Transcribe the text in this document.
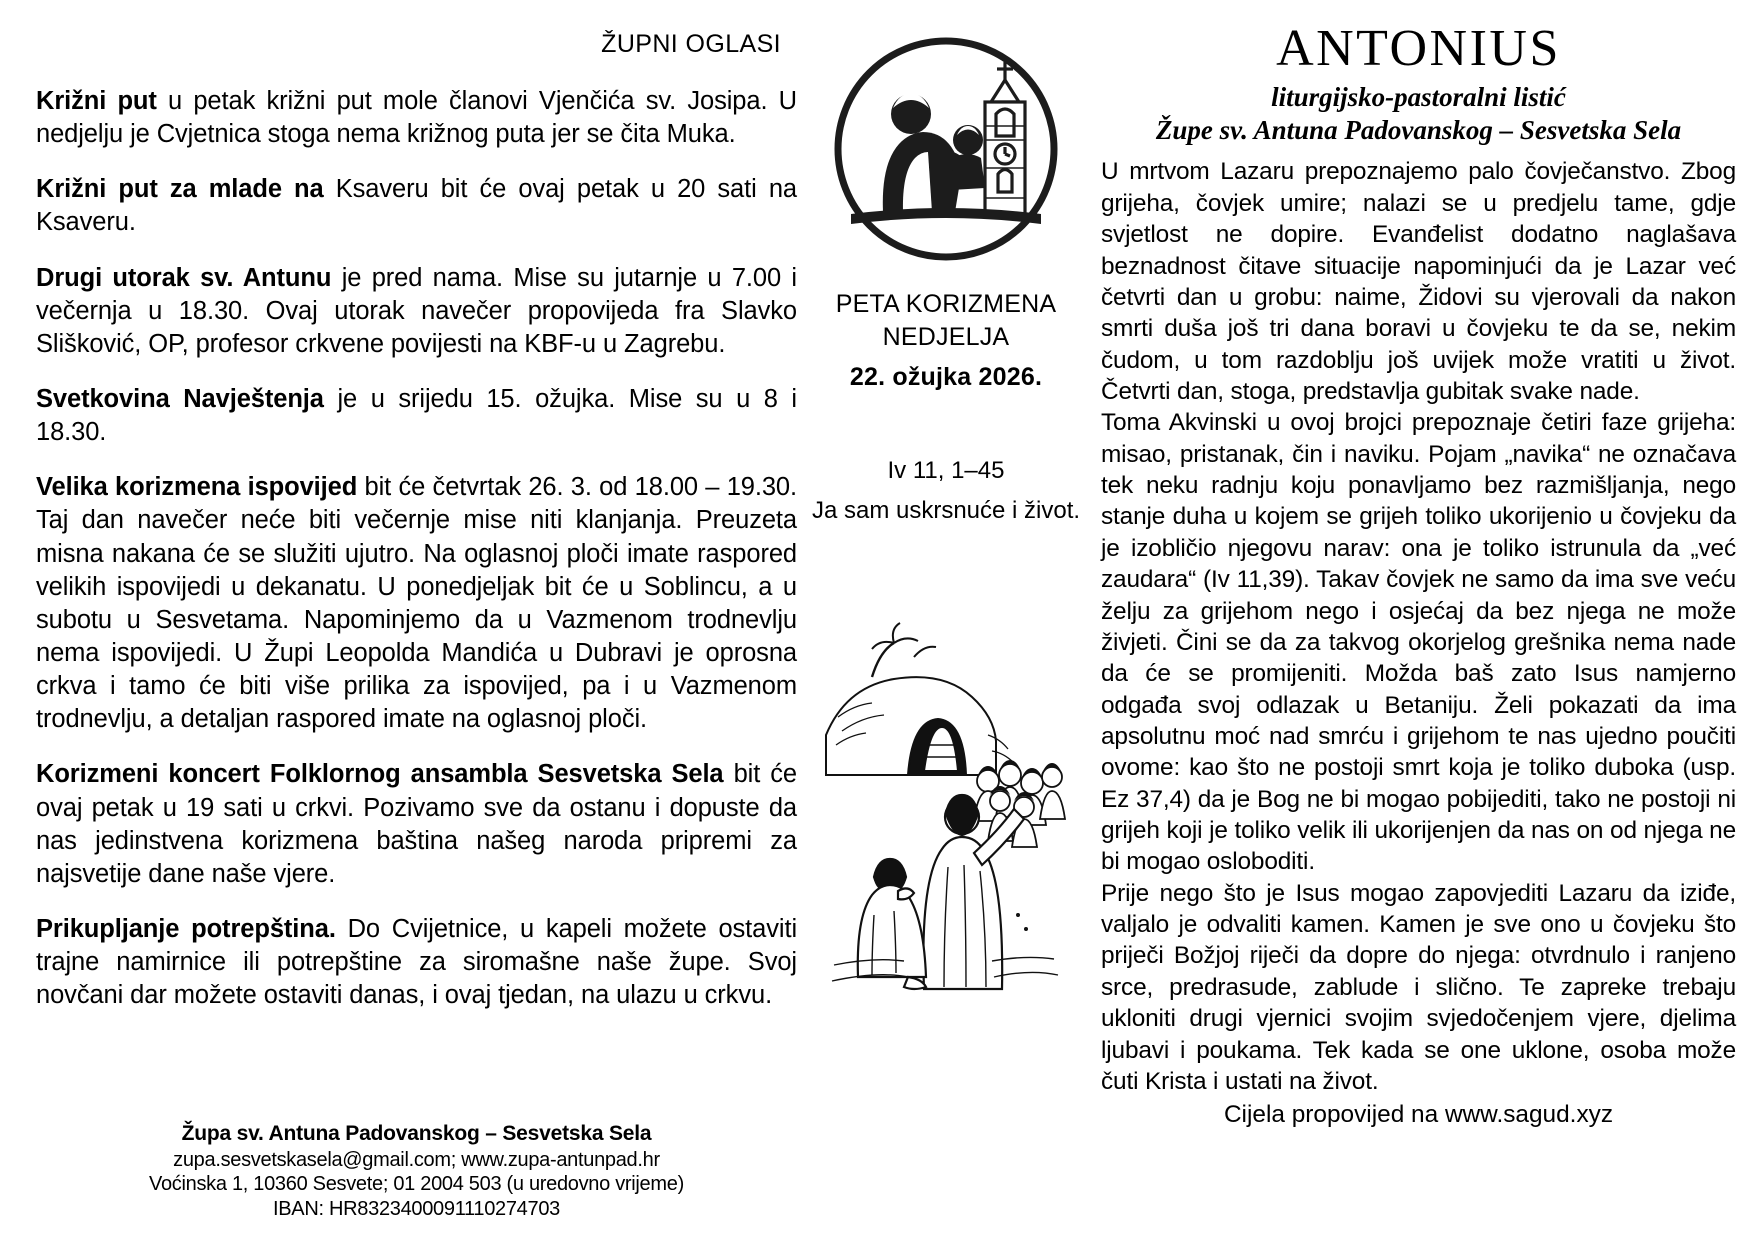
ŽUPNI OGLASI

Križni put u petak križni put mole članovi Vjenčića sv. Josipa. U nedjelju je Cvjetnica stoga nema križnog puta jer se čita Muka.

Križni put za mlade na Ksaveru bit će ovaj petak u 20 sati na Ksaveru.

Drugi utorak sv. Antunu je pred nama. Mise su jutarnje u 7.00 i večernja u 18.30. Ovaj utorak navečer propovijeda fra Slavko Slišković, OP, profesor crkvene povijesti na KBF-u u Zagrebu.

Svetkovina Navještenja je u srijedu 15. ožujka. Mise su u 8 i 18.30.

Velika korizmena ispovijed bit će četvrtak 26. 3. od 18.00 – 19.30. Taj dan navečer neće biti večernje mise niti klanjanja. Preuzeta misna nakana će se služiti ujutro. Na oglasnoj ploči imate raspored velikih ispovijedi u dekanatu. U ponedjeljak bit će u Soblincu, a u subotu u Sesvetama. Napominjemo da u Vazmenom trodnevlju nema ispovijedi. U Župi Leopolda Mandića u Dubravi je oprosna crkva i tamo će biti više prilika za ispovijed, pa i u Vazmenom trodnevlju, a detaljan raspored imate na oglasnoj ploči.

Korizmeni koncert Folklornog ansambla Sesvetska Sela bit će ovaj petak u 19 sati u crkvi. Pozivamo sve da ostanu i dopuste da nas jedinstvena korizmena baština našeg naroda pripremi za najsvetije dane naše vjere.

Prikupljanje potrepština. Do Cvijetnice, u kapeli možete ostaviti trajne namirnice ili potrepštine za siromašne naše župe. Svoj novčani dar možete ostaviti danas, i ovaj tjedan, na ulazu u crkvu.

Župa sv. Antuna Padovanskog – Sesvetska Sela
zupa.sesvetskasela@gmail.com; www.zupa-antunpad.hr
Voćinska 1, 10360 Sesvete; 01 2004 503 (u uredovno vrijeme)
IBAN: HR8323400091110274703
PETA KORIZMENA
NEDJELJA
22. ožujka 2026.
Iv 11, 1–45
Ja sam uskrsnuće i život.
ANTONIUS
liturgijsko-pastoralni listić
Župe sv. Antuna Padovanskog – Sesvetska Sela

U mrtvom Lazaru prepoznajemo palo čovječanstvo. Zbog grijeha, čovjek umire; nalazi se u predjelu tame, gdje svjetlost ne dopire. Evanđelist dodatno naglašava beznadnost čitave situacije napominjući da je Lazar već četvrti dan u grobu: naime, Židovi su vjerovali da nakon smrti duša još tri dana boravi u čovjeku te da se, nekim čudom, u tom razdoblju još uvijek može vratiti u život. Četvrti dan, stoga, predstavlja gubitak svake nade.

Toma Akvinski u ovoj brojci prepoznaje četiri faze grijeha: misao, pristanak, čin i naviku. Pojam „navika“ ne označava tek neku radnju koju ponavljamo bez razmišljanja, nego stanje duha u kojem se grijeh toliko ukorijenio u čovjeku da je izobličio njegovu narav: ona je toliko istrunula da „već zaudara“ (Iv 11,39). Takav čovjek ne samo da ima sve veću želju za grijehom nego i osjećaj da bez njega ne može živjeti. Čini se da za takvog okorjelog grešnika nema nade da će se promijeniti. Možda baš zato Isus namjerno odgađa svoj odlazak u Betaniju. Želi pokazati da ima apsolutnu moć nad smrću i grijehom te nas ujedno poučiti ovome: kao što ne postoji smrt koja je toliko duboka (usp. Ez 37,4) da je Bog ne bi mogao pobijediti, tako ne postoji ni grijeh koji je toliko velik ili ukorijenjen da nas on od njega ne bi mogao osloboditi.

Prije nego što je Isus mogao zapovjediti Lazaru da iziđe, valjalo je odvaliti kamen. Kamen je sve ono u čovjeku što priječi Božjoj riječi da dopre do njega: otvrdnulo i ranjeno srce, predrasude, zablude i slično. Te zapreke trebaju ukloniti drugi vjernici svojim svjedočenjem vjere, djelima ljubavi i poukama. Tek kada se one uklone, osoba može čuti Krista i ustati na život.

Cijela propovijed na www.sagud.xyz
